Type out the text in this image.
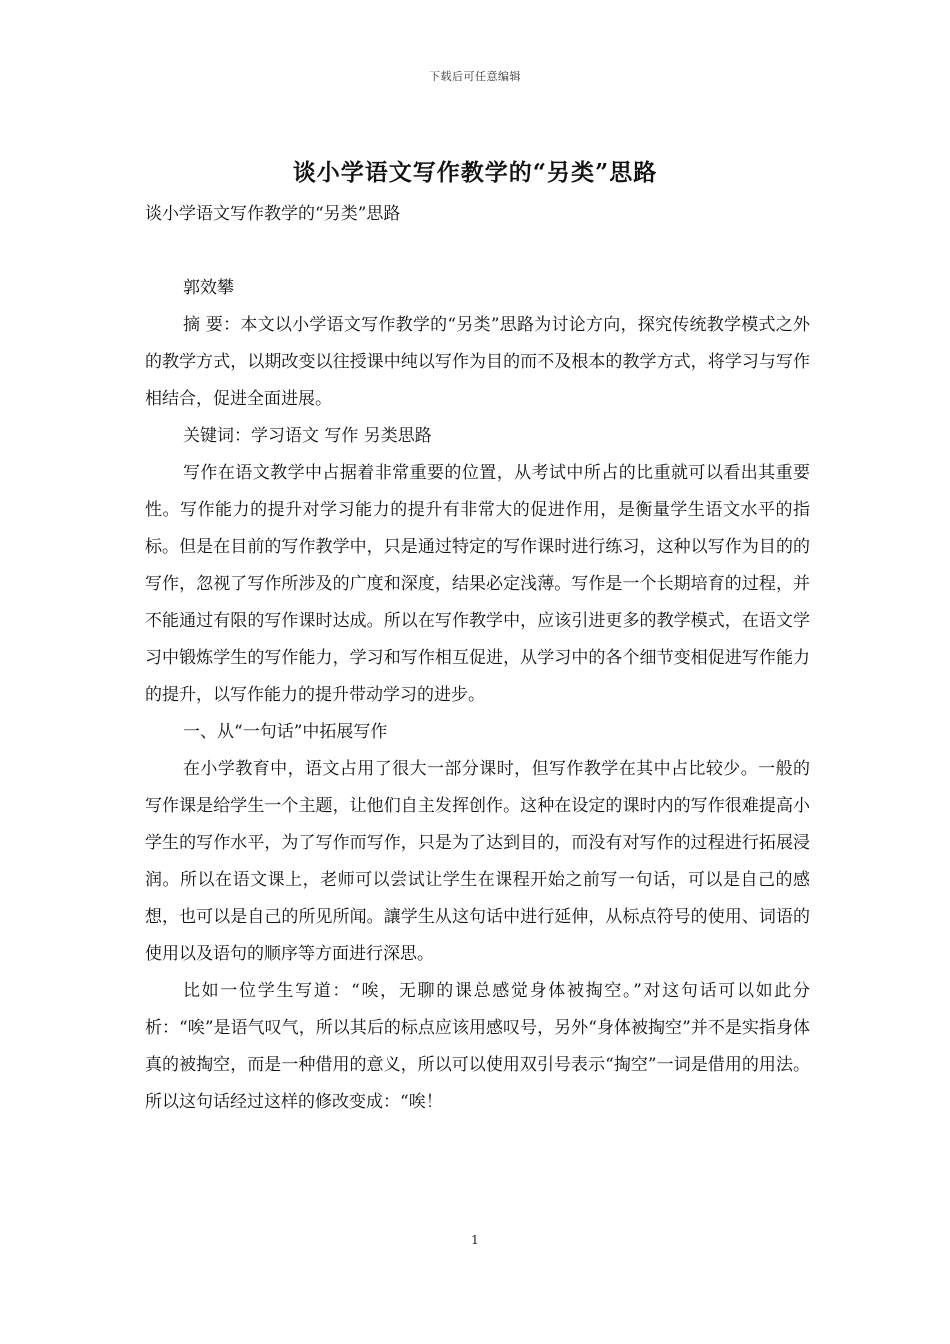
下载后可任意编辑
谈小学语文写作教学的“另类”思路

谈小学语文写作教学的“另类”思路

郭效攀

摘 要：本文以小学语文写作教学的“另类”思路为讨论方向，探究传统教学模式之外的教学方式，以期改变以往授课中纯以写作为目的而不及根本的教学方式，将学习与写作相结合，促进全面进展。

关键词：学习语文 写作 另类思路

写作在语文教学中占据着非常重要的位置，从考试中所占的比重就可以看出其重要性。写作能力的提升对学习能力的提升有非常大的促进作用，是衡量学生语文水平的指标。但是在目前的写作教学中，只是通过特定的写作课时进行练习，这种以写作为目的的写作，忽视了写作所涉及的广度和深度，结果必定浅薄。写作是一个长期培育的过程，并不能通过有限的写作课时达成。所以在写作教学中，应该引进更多的教学模式，在语文学习中锻炼学生的写作能力，学习和写作相互促进，从学习中的各个细节变相促进写作能力的提升，以写作能力的提升带动学习的进步。

一、从“一句话”中拓展写作

在小学教育中，语文占用了很大一部分课时，但写作教学在其中占比较少。一般的写作课是给学生一个主题，让他们自主发挥创作。这种在设定的课时内的写作很难提高小学生的写作水平，为了写作而写作，只是为了达到目的，而没有对写作的过程进行拓展浸润。所以在语文课上，老师可以尝试让学生在课程开始之前写一句话，可以是自己的感想，也可以是自己的所见所闻。讓学生从这句话中进行延伸，从标点符号的使用、词语的使用以及语句的顺序等方面进行深思。

比如一位学生写道：“唉，无聊的课总感觉身体被掏空。”对这句话可以如此分析：“唉”是语气叹气，所以其后的标点应该用感叹号，另外“身体被掏空”并不是实指身体真的被掏空，而是一种借用的意义，所以可以使用双引号表示“掏空”一词是借用的用法。所以这句话经过这样的修改变成：“唉！

1
